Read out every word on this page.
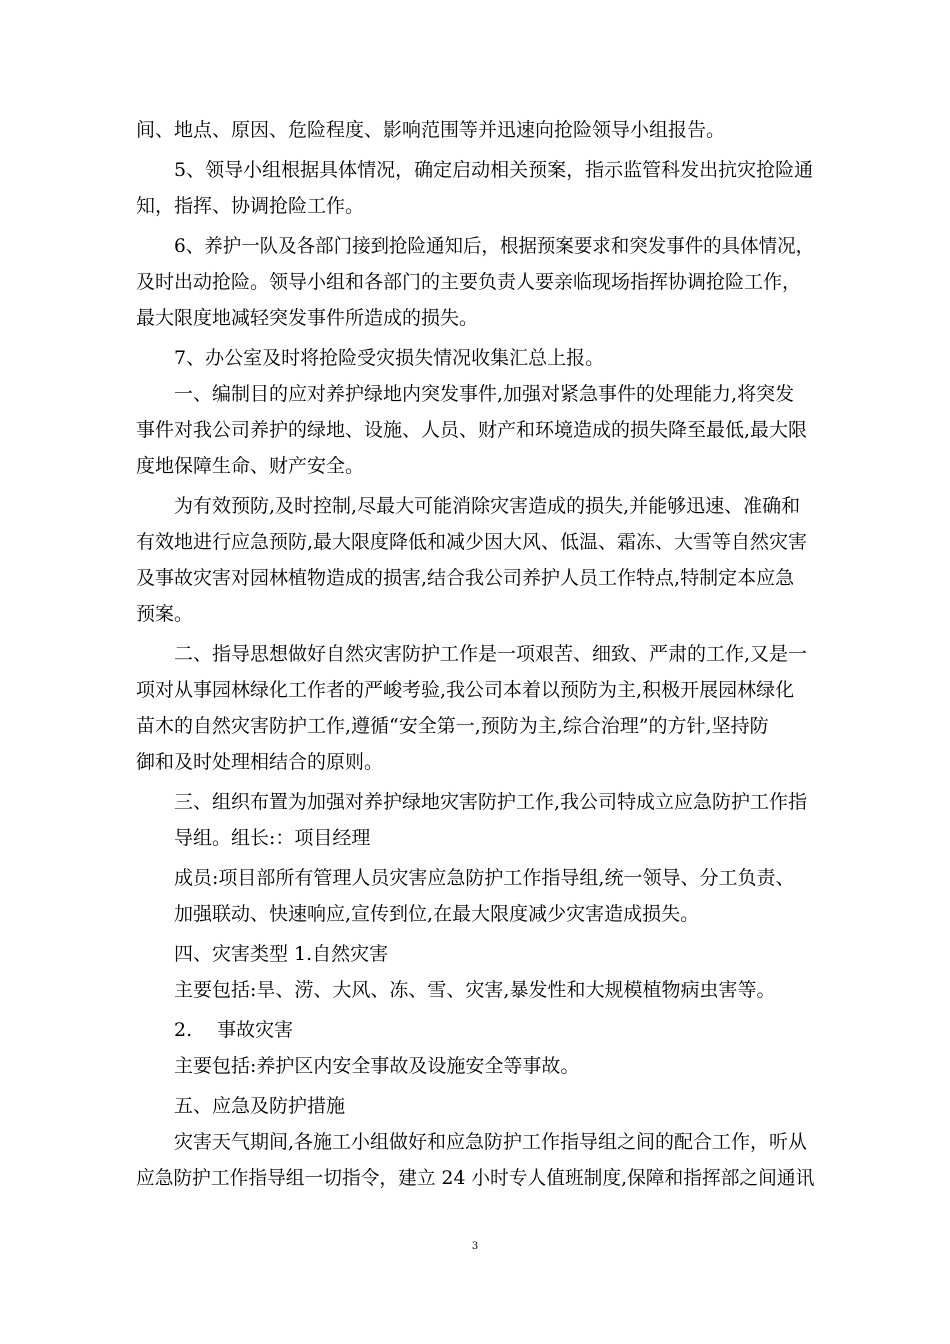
间、地点、原因、危险程度、影响范围等并迅速向抢险领导小组报告。
5、领导小组根据具体情况，确定启动相关预案，指示监管科发出抗灾抢险通
知，指挥、协调抢险工作。
6、养护一队及各部门接到抢险通知后，根据预案要求和突发事件的具体情况，
及时出动抢险。领导小组和各部门的主要负责人要亲临现场指挥协调抢险工作，
最大限度地减轻突发事件所造成的损失。
7、办公室及时将抢险受灾损失情况收集汇总上报。
一、编制目的应对养护绿地内突发事件,加强对紧急事件的处理能力,将突发
事件对我公司养护的绿地、设施、人员、财产和环境造成的损失降至最低,最大限
度地保障生命、财产安全。
为有效预防,及时控制,尽最大可能消除灾害造成的损失,并能够迅速、准确和
有效地进行应急预防,最大限度降低和减少因大风、低温、霜冻、大雪等自然灾害
及事故灾害对园林植物造成的损害,结合我公司养护人员工作特点,特制定本应急
预案。
二、指导思想做好自然灾害防护工作是一项艰苦、细致、严肃的工作,又是一
项对从事园林绿化工作者的严峻考验,我公司本着以预防为主,积极开展园林绿化
苗木的自然灾害防护工作,遵循“安全第一,预防为主,综合治理”的方针,坚持防
御和及时处理相结合的原则。
三、组织布置为加强对养护绿地灾害防护工作,我公司特成立应急防护工作指
导组。组长:：项目经理
成员:项目部所有管理人员灾害应急防护工作指导组,统一领导、分工负责、
加强联动、快速响应,宣传到位,在最大限度减少灾害造成损失。
四、灾害类型 1.自然灾害
主要包括:旱、涝、大风、冻、雪、灾害,暴发性和大规模植物病虫害等。
2.　 事故灾害
主要包括:养护区内安全事故及设施安全等事故。
五、应急及防护措施
灾害天气期间,各施工小组做好和应急防护工作指导组之间的配合工作，听从
应急防护工作指导组一切指令，建立 24 小时专人值班制度,保障和指挥部之间通讯
3
